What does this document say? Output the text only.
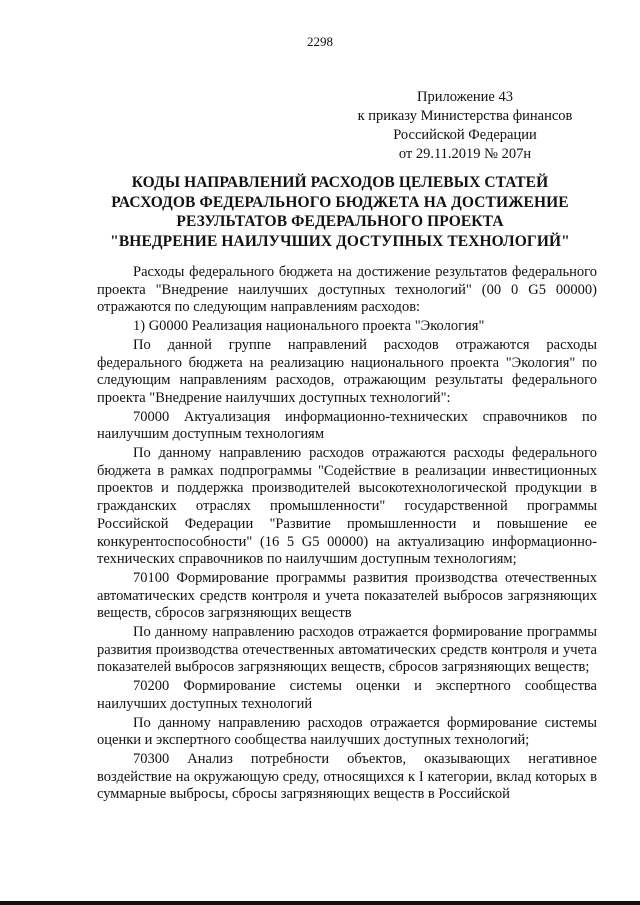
2298
Приложение 43
к приказу Министерства финансов
Российской Федерации
от 29.11.2019 № 207н
КОДЫ НАПРАВЛЕНИЙ РАСХОДОВ ЦЕЛЕВЫХ СТАТЕЙ
РАСХОДОВ ФЕДЕРАЛЬНОГО БЮДЖЕТА НА ДОСТИЖЕНИЕ
РЕЗУЛЬТАТОВ ФЕДЕРАЛЬНОГО ПРОЕКТА
"ВНЕДРЕНИЕ НАИЛУЧШИХ ДОСТУПНЫХ ТЕХНОЛОГИЙ"

Расходы федерального бюджета на достижение результатов федерального проекта "Внедрение наилучших доступных технологий" (00 0 G5 00000) отражаются по следующим направлениям расходов:

1) G0000 Реализация национального проекта "Экология"

По данной группе направлений расходов отражаются расходы федерального бюджета на реализацию национального проекта "Экология" по следующим направлениям расходов, отражающим результаты федерального проекта "Внедрение наилучших доступных технологий":

70000 Актуализация информационно-технических справочников по наилучшим доступным технологиям

По данному направлению расходов отражаются расходы федерального бюджета в рамках подпрограммы "Содействие в реализации инвестиционных проектов и поддержка производителей высокотехнологической продукции в гражданских отраслях промышленности" государственной программы Российской Федерации "Развитие промышленности и повышение ее конкурентоспособности" (16 5 G5 00000) на актуализацию информационно-технических справочников по наилучшим доступным технологиям;

70100 Формирование программы развития производства отечественных автоматических средств контроля и учета показателей выбросов загрязняющих веществ, сбросов загрязняющих веществ

По данному направлению расходов отражается формирование программы развития производства отечественных автоматических средств контроля и учета показателей выбросов загрязняющих веществ, сбросов загрязняющих веществ;

70200 Формирование системы оценки и экспертного сообщества наилучших доступных технологий

По данному направлению расходов отражается формирование системы оценки и экспертного сообщества наилучших доступных технологий;

70300 Анализ потребности объектов, оказывающих негативное воздействие на окружающую среду, относящихся к I категории, вклад которых в суммарные выбросы, сбросы загрязняющих веществ в Российской
